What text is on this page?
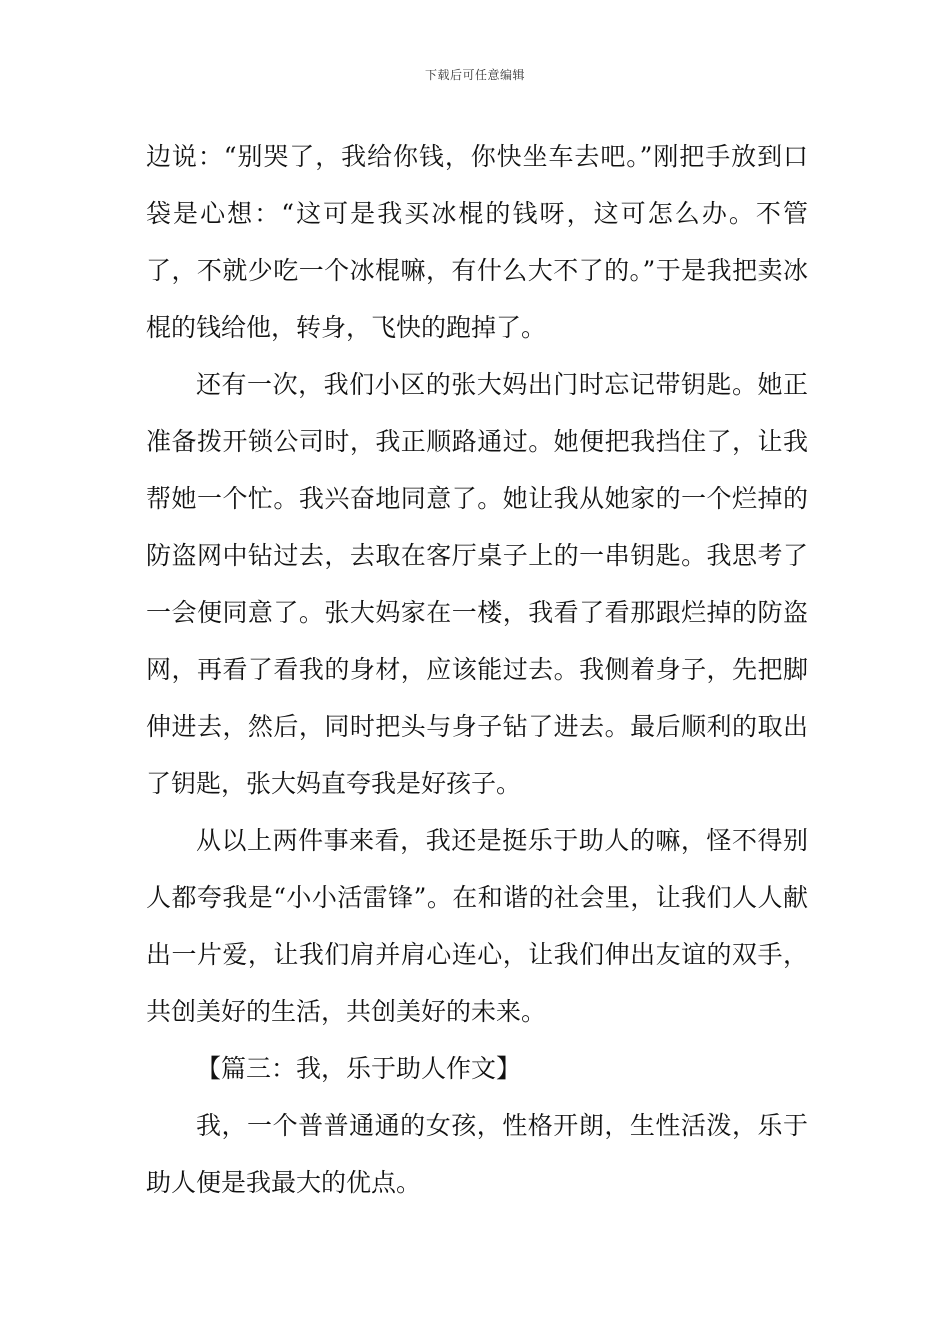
下载后可任意编辑

边说：“别哭了，我给你钱，你快坐车去吧。”刚把手放到口袋是心想：“这可是我买冰棍的钱呀，这可怎么办。不管了，不就少吃一个冰棍嘛，有什么大不了的。”于是我把卖冰棍的钱给他，转身，飞快的跑掉了。

还有一次，我们小区的张大妈出门时忘记带钥匙。她正准备拨开锁公司时，我正顺路通过。她便把我挡住了，让我帮她一个忙。我兴奋地同意了。她让我从她家的一个烂掉的防盗网中钻过去，去取在客厅桌子上的一串钥匙。我思考了一会便同意了。张大妈家在一楼，我看了看那跟烂掉的防盗网，再看了看我的身材，应该能过去。我侧着身子，先把脚伸进去，然后，同时把头与身子钻了进去。最后顺利的取出了钥匙，张大妈直夸我是好孩子。

从以上两件事来看，我还是挺乐于助人的嘛，怪不得别人都夸我是“小小活雷锋”。在和谐的社会里，让我们人人献出一片爱，让我们肩并肩心连心，让我们伸出友谊的双手，共创美好的生活，共创美好的未来。

【篇三：我，乐于助人作文】

我，一个普普通通的女孩，性格开朗，生性活泼，乐于助人便是我最大的优点。
